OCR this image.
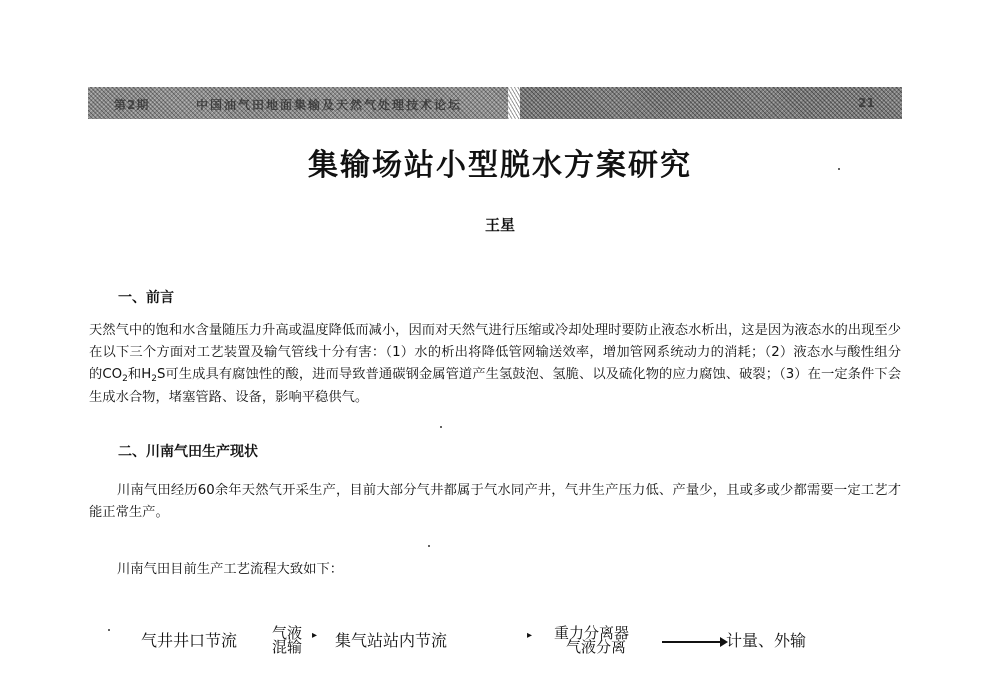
第2期	中国油气田地面集输及天然气处理技术论坛	21
集输场站小型脱水方案研究
王星
一、前言
天然气中的饱和水含量随压力升高或温度降低而减小，因而对天然气进行压缩或冷却处理时要防止液态水析出，这是因为液态水的出现至少在以下三个方面对工艺装置及输气管线十分有害：（1）水的析出将降低管网输送效率，增加管网系统动力的消耗；（2）液态水与酸性组分的$CO_2$和$H_2S$可生成具有腐蚀性的酸，进而导致普通碳钢金属管道产生氢鼓泡、氢脆、以及硫化物的应力腐蚀、破裂；（3）在一定条件下会生成水合物，堵塞管路、设备，影响平稳供气。
二、川南气田生产现状
川南气田经历60余年天然气开采生产，目前大部分气井都属于气水同产井，气井生产压力低、产量少，且或多或少都需要一定工艺才能正常生产。
川南气田目前生产工艺流程大致如下：
气井井口节流 气液
混输
▸ 集气站站内节流	▸ 重力分离器
气液分离	计量、外输
